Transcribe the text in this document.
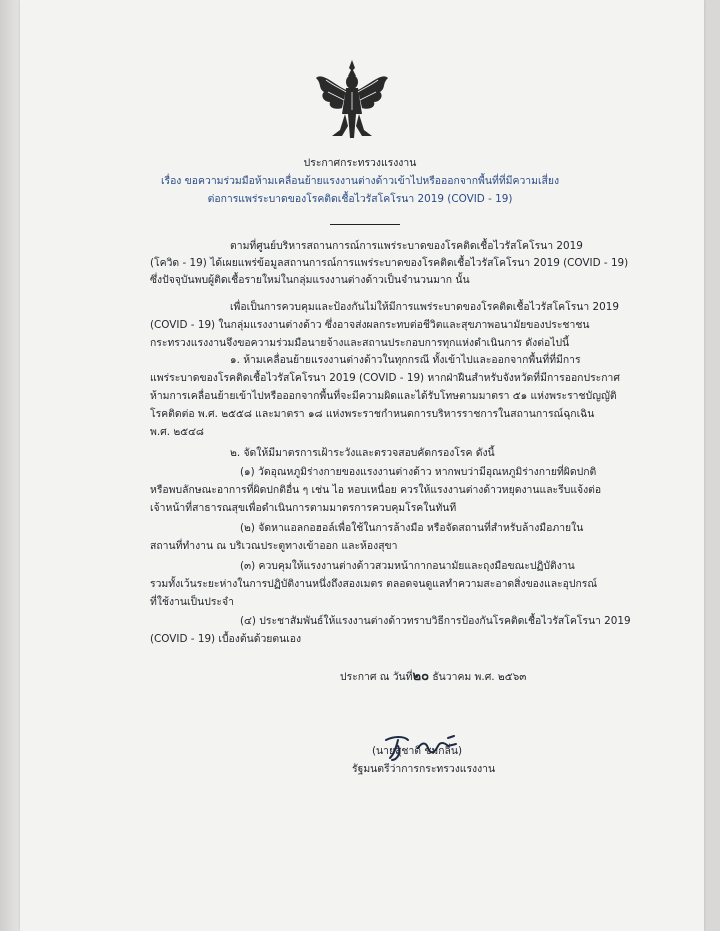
ประกาศกระทรวงแรงงาน
เรื่อง ขอความร่วมมือห้ามเคลื่อนย้ายแรงงานต่างด้าวเข้าไปหรือออกจากพื้นที่ที่มีความเสี่ยง
ต่อการแพร่ระบาดของโรคติดเชื้อไวรัสโคโรนา 2019 (COVID - 19)
ตามที่ศูนย์บริหารสถานการณ์การแพร่ระบาดของโรคติดเชื้อไวรัสโคโรนา 2019
(โควิด - 19) ได้เผยแพร่ข้อมูลสถานการณ์การแพร่ระบาดของโรคติดเชื้อไวรัสโคโรนา 2019 (COVID - 19)
ซึ่งปัจจุบันพบผู้ติดเชื้อรายใหม่ในกลุ่มแรงงานต่างด้าวเป็นจำนวนมาก นั้น
เพื่อเป็นการควบคุมและป้องกันไม่ให้มีการแพร่ระบาดของโรคติดเชื้อไวรัสโคโรนา 2019
(COVID - 19) ในกลุ่มแรงงานต่างด้าว ซึ่งอาจส่งผลกระทบต่อชีวิตและสุขภาพอนามัยของประชาชน
กระทรวงแรงงานจึงขอความร่วมมือนายจ้างและสถานประกอบการทุกแห่งดำเนินการ ดังต่อไปนี้
๑. ห้ามเคลื่อนย้ายแรงงานต่างด้าวในทุกกรณี ทั้งเข้าไปและออกจากพื้นที่ที่มีการ
แพร่ระบาดของโรคติดเชื้อไวรัสโคโรนา 2019 (COVID - 19) หากฝ่าฝืนสำหรับจังหวัดที่มีการออกประกาศ
ห้ามการเคลื่อนย้ายเข้าไปหรือออกจากพื้นที่จะมีความผิดและได้รับโทษตามมาตรา ๕๑ แห่งพระราชบัญญัติ
โรคติดต่อ พ.ศ. ๒๕๕๘ และมาตรา ๑๘ แห่งพระราชกำหนดการบริหารราชการในสถานการณ์ฉุกเฉิน
พ.ศ. ๒๕๔๘
๒. จัดให้มีมาตรการเฝ้าระวังและตรวจสอบคัดกรองโรค ดังนี้
(๑) วัดอุณหภูมิร่างกายของแรงงานต่างด้าว หากพบว่ามีอุณหภูมิร่างกายที่ผิดปกติ
หรือพบลักษณะอาการที่ผิดปกติอื่น ๆ เช่น ไอ หอบเหนื่อย ควรให้แรงงานต่างด้าวหยุดงานและรีบแจ้งต่อ
เจ้าหน้าที่สาธารณสุขเพื่อดำเนินการตามมาตรการควบคุมโรคในทันที
(๒) จัดหาแอลกอฮอล์เพื่อใช้ในการล้างมือ หรือจัดสถานที่สำหรับล้างมือภายใน
สถานที่ทำงาน ณ บริเวณประตูทางเข้าออก และห้องสุขา
(๓) ควบคุมให้แรงงานต่างด้าวสวมหน้ากากอนามัยและถุงมือขณะปฏิบัติงาน
รวมทั้งเว้นระยะห่างในการปฏิบัติงานหนึ่งถึงสองเมตร ตลอดจนดูแลทำความสะอาดสิ่งของและอุปกรณ์
ที่ใช้งานเป็นประจำ
(๔) ประชาสัมพันธ์ให้แรงงานต่างด้าวทราบวิธีการป้องกันโรคติดเชื้อไวรัสโคโรนา 2019
(COVID - 19) เบื้องต้นด้วยตนเอง
ประกาศ ณ วันที่๒๐ ธันวาคม พ.ศ. ๒๕๖๓
(นายสุชาติ ชมกลิ่น)
รัฐมนตรีว่าการกระทรวงแรงงาน
